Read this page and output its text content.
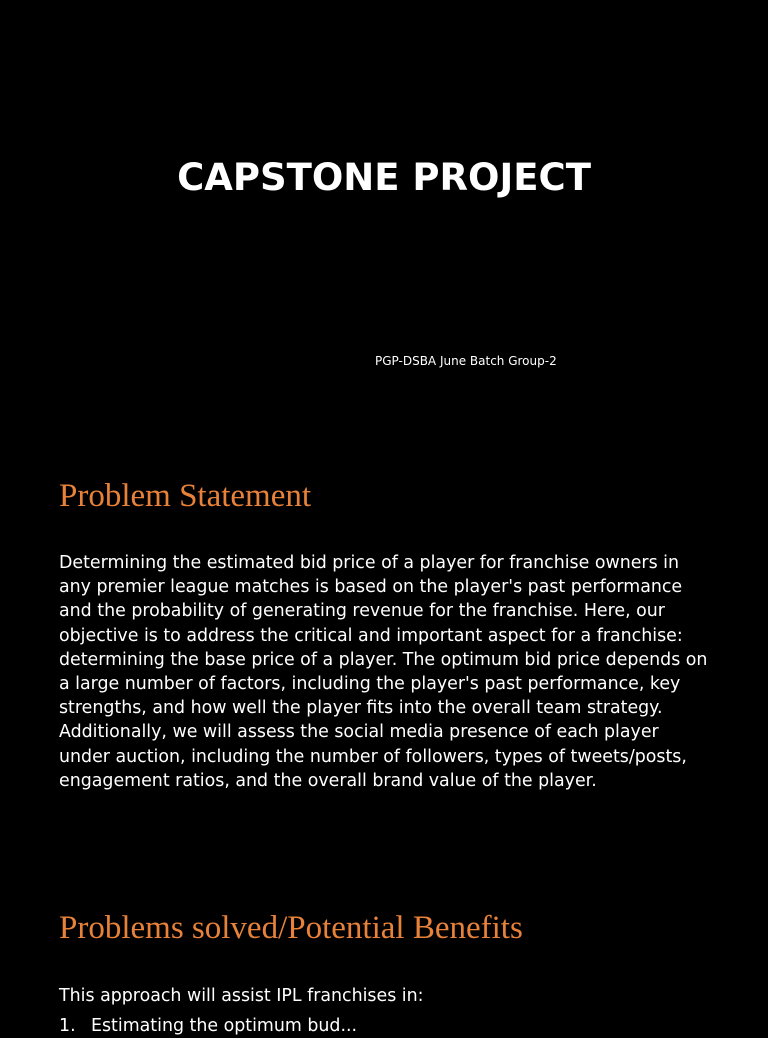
CAPSTONE PROJECT
PGP-DSBA June Batch Group-2
Problem Statement
Determining the estimated bid price of a player for franchise owners in any premier league matches is based on the player's past performance and the probability of generating revenue for the franchise. Here, our objective is to address the critical and important aspect for a franchise: determining the base price of a player. The optimum bid price depends on a large number of factors, including the player's past performance, key strengths, and how well the player fits into the overall team strategy. Additionally, we will assess the social media presence of each player under auction, including the number of followers, types of tweets/posts, engagement ratios, and the overall brand value of the player.
Problems solved/Potential Benefits
This approach will assist IPL franchises in:
1. Estimating the optimum bud...
